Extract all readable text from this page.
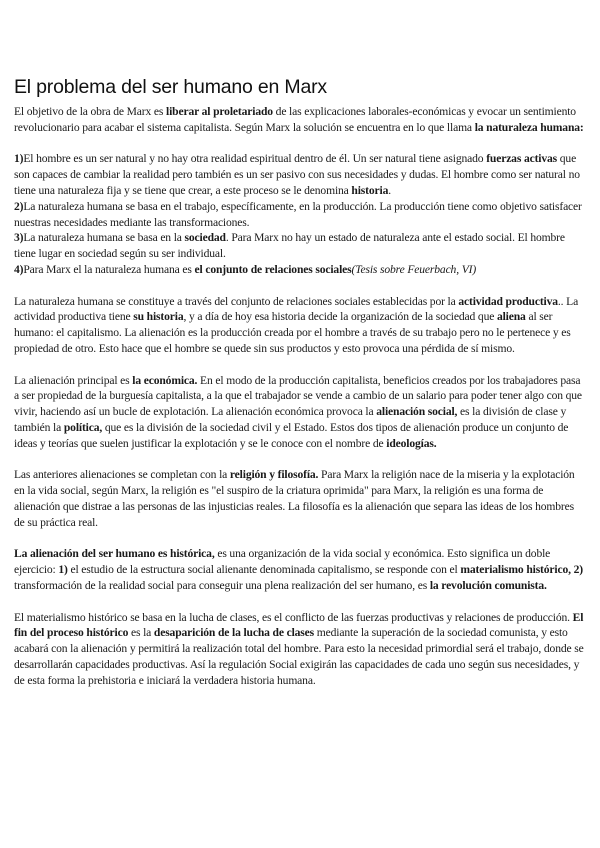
El problema del ser humano en Marx

El objetivo de la obra de Marx es liberar al proletariado de las explicaciones laborales-económicas y evocar un sentimiento revolucionario para acabar el sistema capitalista. Según Marx la solución se encuentra en lo que llama la naturaleza humana:

1)El hombre es un ser natural y no hay otra realidad espiritual dentro de él. Un ser natural tiene asignado fuerzas activas que son capaces de cambiar la realidad pero también es un ser pasivo con sus necesidades y dudas. El hombre como ser natural no tiene una naturaleza fija y se tiene que crear, a este proceso se le denomina historia.

2)La naturaleza humana se basa en el trabajo, específicamente, en la producción. La producción tiene como objetivo satisfacer nuestras necesidades mediante las transformaciones.

3)La naturaleza humana se basa en la sociedad. Para Marx no hay un estado de naturaleza ante el estado social. El hombre tiene lugar en sociedad según su ser individual.

4)Para Marx el la naturaleza humana es el conjunto de relaciones sociales(Tesis sobre Feuerbach, VI)

La naturaleza humana se constituye a través del conjunto de relaciones sociales establecidas por la actividad productiva.. La actividad productiva tiene su historia, y a día de hoy esa historia decide la organización de la sociedad que aliena al ser humano: el capitalismo. La alienación es la producción creada por el hombre a través de su trabajo pero no le pertenece y es propiedad de otro. Esto hace que el hombre se quede sin sus productos y esto provoca una pérdida de sí mismo.

La alienación principal es la económica. En el modo de la producción capitalista, beneficios creados por los trabajadores pasa a ser propiedad de la burguesía capitalista, a la que el trabajador se vende a cambio de un salario para poder tener algo con que vivir, haciendo así un bucle de explotación. La alienación económica provoca la alienación social, es la división de clase y también la política, que es la división de la sociedad civil y el Estado. Estos dos tipos de alienación produce un conjunto de ideas y teorías que suelen justificar la explotación y se le conoce con el nombre de ideologías.

Las anteriores alienaciones se completan con la religión y filosofía. Para Marx la religión nace de la miseria y la explotación en la vida social, según Marx, la religión es "el suspiro de la criatura oprimida" para Marx, la religión es una forma de alienación que distrae a las personas de las injusticias reales. La filosofía es la alienación que separa las ideas de los hombres de su práctica real.

La alienación del ser humano es histórica, es una organización de la vida social y económica. Esto significa un doble ejercicio: 1) el estudio de la estructura social alienante denominada capitalismo, se responde con el materialismo histórico, 2) transformación de la realidad social para conseguir una plena realización del ser humano, es la revolución comunista.

El materialismo histórico se basa en la lucha de clases, es el conflicto de las fuerzas productivas y relaciones de producción. El fin del proceso histórico es la desaparición de la lucha de clases mediante la superación de la sociedad comunista, y esto acabará con la alienación y permitirá la realización total del hombre. Para esto la necesidad primordial será el trabajo, donde se desarrollarán capacidades productivas. Así la regulación Social exigirán las capacidades de cada uno según sus necesidades, y de esta forma la prehistoria e iniciará la verdadera historia humana.
